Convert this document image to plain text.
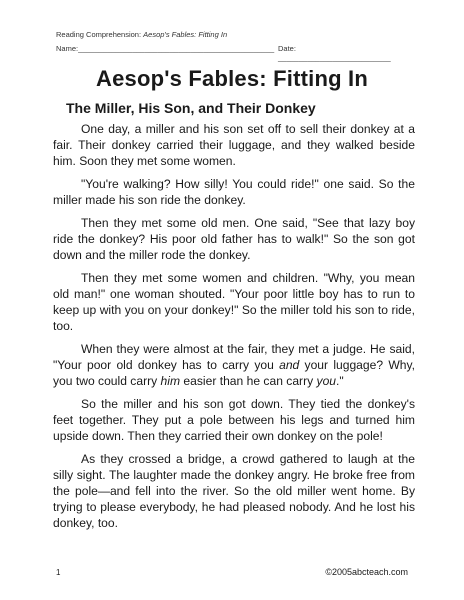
Reading Comprehension: Aesop's Fables: Fitting In
Name:_______________________________________________ Date: ___________________________
Aesop's Fables: Fitting In
The Miller, His Son, and Their Donkey

One day, a miller and his son set off to sell their donkey at a fair. Their donkey carried their luggage, and they walked beside him. Soon they met some women.

"You're walking? How silly! You could ride!" one said. So the miller made his son ride the donkey.

Then they met some old men. One said, "See that lazy boy ride the donkey? His poor old father has to walk!" So the son got down and the miller rode the donkey.

Then they met some women and children. "Why, you mean old man!" one woman shouted. "Your poor little boy has to run to keep up with you on your donkey!" So the miller told his son to ride, too.

When they were almost at the fair, they met a judge. He said, "Your poor old donkey has to carry you and your luggage? Why, you two could carry him easier than he can carry you."

So the miller and his son got down. They tied the donkey's feet together. They put a pole between his legs and turned him upside down. Then they carried their own donkey on the pole!

As they crossed a bridge, a crowd gathered to laugh at the silly sight. The laughter made the donkey angry. He broke free from the pole—and fell into the river. So the old miller went home. By trying to please everybody, he had pleased nobody. And he lost his donkey, too.

1	©2005abcteach.com
